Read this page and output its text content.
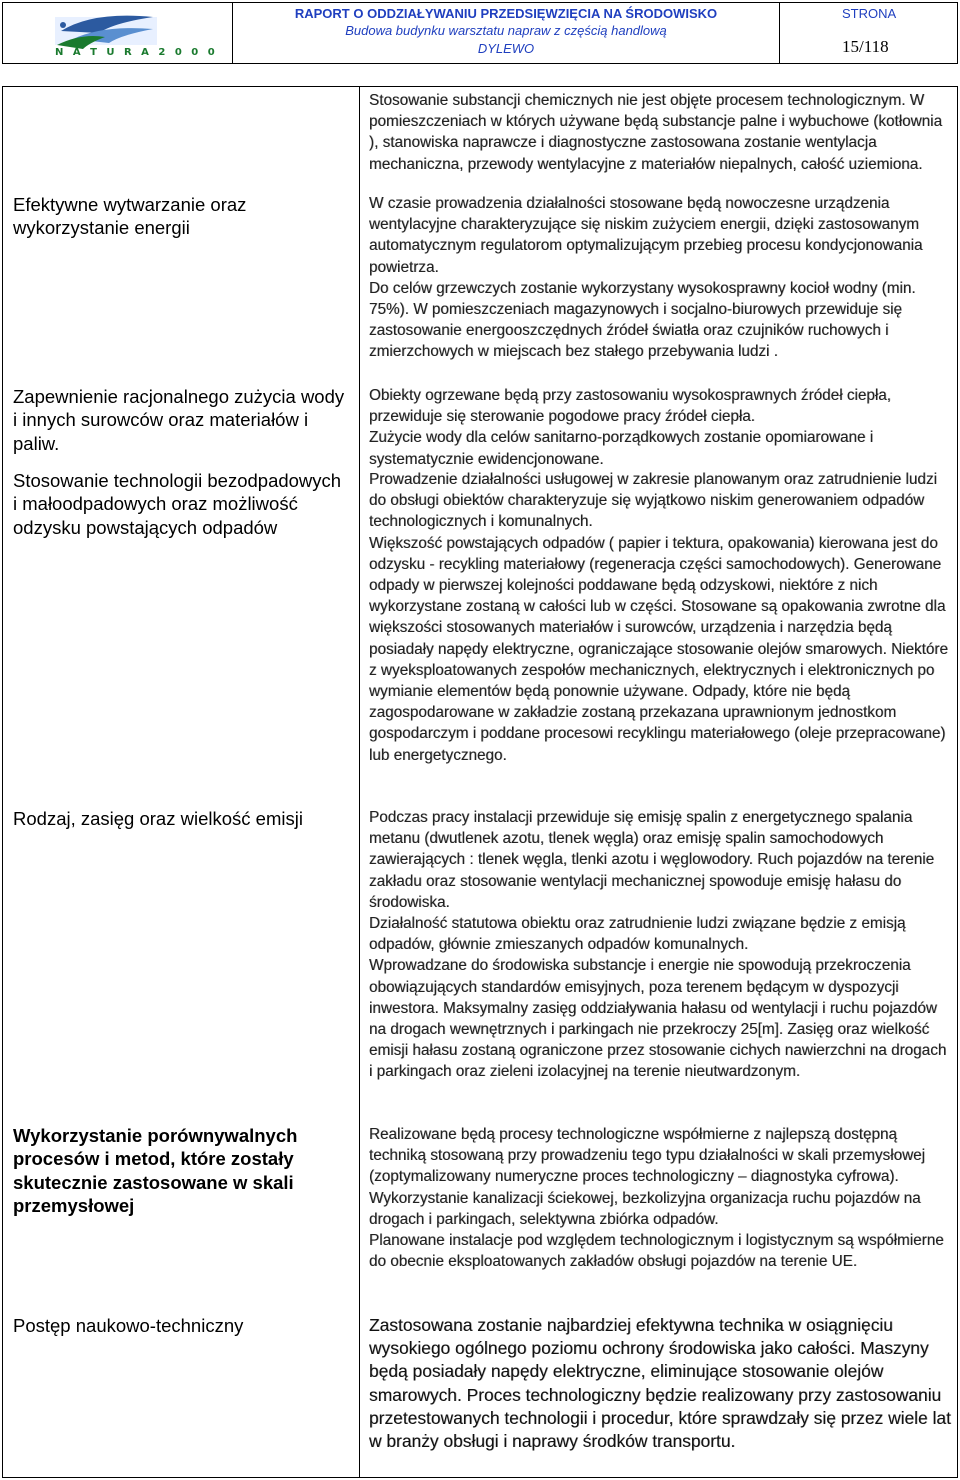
N A T U R A 2 0 0 0
RAPORT O ODDZIAŁYWANIU PRZEDSIĘWZIĘCIA NA ŚRODOWISKO
Budowa budynku warsztatu napraw z częścią handlową
DYLEWO
STRONA
15/118

Stosowanie substancji chemicznych nie jest objęte procesem technologicznym. W pomieszczeniach w których używane będą substancje palne i wybuchowe (kotłownia ), stanowiska naprawcze i diagnostyczne zastosowana zostanie wentylacja mechaniczna, przewody wentylacyjne z materiałów niepalnych, całość uziemiona.

Efektywne wytwarzanie oraz wykorzystanie energii

W czasie prowadzenia działalności stosowane będą nowoczesne urządzenia wentylacyjne charakteryzujące się niskim zużyciem energii, dzięki zastosowanym automatycznym regulatorom optymalizującym przebieg procesu kondycjonowania powietrza.

Do celów grzewczych zostanie wykorzystany wysokosprawny kocioł wodny (min. 75%). W pomieszczeniach magazynowych i socjalno-biurowych przewiduje się zastosowanie energooszczędnych źródeł światła oraz czujników ruchowych i zmierzchowych w miejscach bez stałego przebywania ludzi .

Zapewnienie racjonalnego zużycia wody i innych surowców oraz materiałów i paliw.

Obiekty ogrzewane będą przy zastosowaniu wysokosprawnych źródeł ciepła, przewiduje się sterowanie pogodowe pracy źródeł ciepła.

Zużycie wody dla celów sanitarno-porządkowych zostanie opomiarowane i systematycznie ewidencjonowane.

Stosowanie technologii bezodpadowych i małoodpadowych oraz możliwość odzysku powstających odpadów

Prowadzenie działalności usługowej w zakresie planowanym oraz zatrudnienie ludzi do obsługi obiektów charakteryzuje się wyjątkowo niskim generowaniem odpadów technologicznych i komunalnych.

Większość powstających odpadów ( papier i tektura, opakowania) kierowana jest do odzysku - recykling materiałowy (regeneracja części samochodowych). Generowane odpady w pierwszej kolejności poddawane będą odzyskowi, niektóre z nich wykorzystane zostaną w całości lub w części. Stosowane są opakowania zwrotne dla większości stosowanych materiałów i surowców, urządzenia i narzędzia będą posiadały napędy elektryczne, ograniczające stosowanie olejów smarowych. Niektóre z wyeksploatowanych zespołów mechanicznych, elektrycznych i elektronicznych po wymianie elementów będą ponownie używane. Odpady, które nie będą zagospodarowane w zakładzie zostaną przekazana uprawnionym jednostkom gospodarczym i poddane procesowi recyklingu materiałowego (oleje przepracowane) lub energetycznego.

Rodzaj, zasięg oraz wielkość emisji	Podczas pracy instalacji przewiduje się emisję spalin z energetycznego spalania metanu (dwutlenek azotu, tlenek węgla) oraz emisję spalin samochodowych zawierających : tlenek węgla, tlenki azotu i węglowodory. Ruch pojazdów na terenie zakładu oraz stosowanie wentylacji mechanicznej spowoduje emisję hałasu do środowiska.

Działalność statutowa obiektu oraz zatrudnienie ludzi związane będzie z emisją odpadów, głównie zmieszanych odpadów komunalnych.

Wprowadzane do środowiska substancje i energie nie spowodują przekroczenia obowiązujących standardów emisyjnych, poza terenem będącym w dyspozycji inwestora. Maksymalny zasięg oddziaływania hałasu od wentylacji i ruchu pojazdów na drogach wewnętrznych i parkingach nie przekroczy 25[m]. Zasięg oraz wielkość emisji hałasu zostaną ograniczone przez stosowanie cichych nawierzchni na drogach i parkingach oraz zieleni izolacyjnej na terenie nieutwardzonym.

Wykorzystanie porównywalnych procesów i metod, które zostały skutecznie zastosowane w skali przemysłowej

Realizowane będą procesy technologiczne współmierne z najlepszą dostępną techniką stosowaną przy prowadzeniu tego typu działalności w skali przemysłowej (zoptymalizowany numeryczne proces technologiczny – diagnostyka cyfrowa).

Wykorzystanie kanalizacji ściekowej, bezkolizyjna organizacja ruchu pojazdów na drogach i parkingach, selektywna zbiórka odpadów.

Planowane instalacje pod względem technologicznym i logistycznym są współmierne do obecnie eksploatowanych zakładów obsługi pojazdów na terenie UE.

Postęp naukowo-techniczny	Zastosowana zostanie najbardziej efektywna technika w osiągnięciu wysokiego ogólnego poziomu ochrony środowiska jako całości. Maszyny będą posiadały napędy elektryczne, eliminujące stosowanie olejów smarowych. Proces technologiczny będzie realizowany przy zastosowaniu przetestowanych technologii i procedur, które sprawdzały się przez wiele lat w branży obsługi i naprawy środków transportu.
